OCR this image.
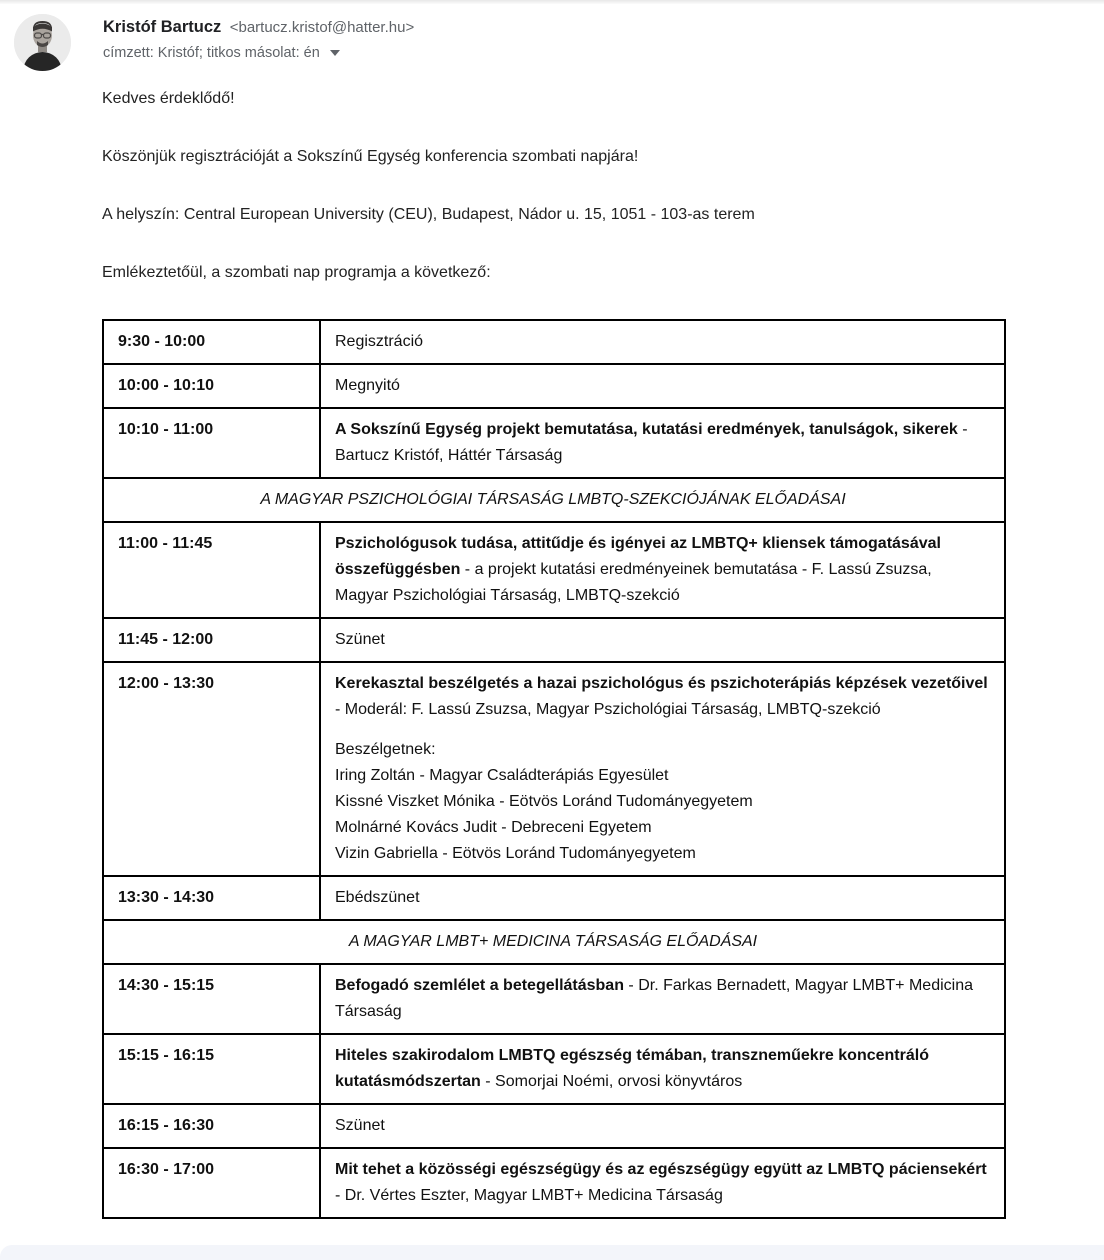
Kristóf Bartucz <bartucz.kristof@hatter.hu>
címzett: Kristóf; titkos másolat: én

Kedves érdeklődő!

Köszönjük regisztrációját a Sokszínű Egység konferencia szombati napjára!

A helyszín: Central European University (CEU), Budapest, Nádor u. 15, 1051 - 103-as terem

Emlékeztetőül, a szombati nap programja a következő:

9:30 - 10:00	Regisztráció

10:00 - 10:10	Megnyitó

10:10 - 11:00	A Sokszínű Egység projekt bemutatása, kutatási eredmények, tanulságok, sikerek - Bartucz Kristóf, Háttér Társaság

A MAGYAR PSZICHOLÓGIAI TÁRSASÁG LMBTQ-SZEKCIÓJÁNAK ELŐADÁSAI	
11:00 - 11:45	Pszichológusok tudása, attitűdje és igényei az LMBTQ+ kliensek támogatásával összefüggésben - a projekt kutatási eredményeinek bemutatása - F. Lassú Zsuzsa, Magyar Pszichológiai Társaság, LMBTQ-szekció

11:45 - 12:00	Szünet

12:00 - 13:30	Kerekasztal beszélgetés a hazai pszichológus és pszichoterápiás képzések vezetőivel - Moderál: F. Lassú Zsuzsa, Magyar Pszichológiai Társaság, LMBTQ-szekció
Beszélgetnek:
Iring Zoltán - Magyar Családterápiás Egyesület
Kissné Viszket Mónika - Eötvös Loránd Tudományegyetem
Molnárné Kovács Judit - Debreceni Egyetem
Vizin Gabriella - Eötvös Loránd Tudományegyetem

13:30 - 14:30	Ebédszünet

A MAGYAR LMBT+ MEDICINA TÁRSASÁG ELŐADÁSAI	
14:30 - 15:15	Befogadó szemlélet a betegellátásban - Dr. Farkas Bernadett, Magyar LMBT+ Medicina Társaság

15:15 - 16:15	Hiteles szakirodalom LMBTQ egészség témában, transzneműekre koncentráló kutatásmódszertan - Somorjai Noémi, orvosi könyvtáros

16:15 - 16:30	Szünet

16:30 - 17:00	Mit tehet a közösségi egészségügy és az egészségügy együtt az LMBTQ páciensekért - Dr. Vértes Eszter, Magyar LMBT+ Medicina Társaság
